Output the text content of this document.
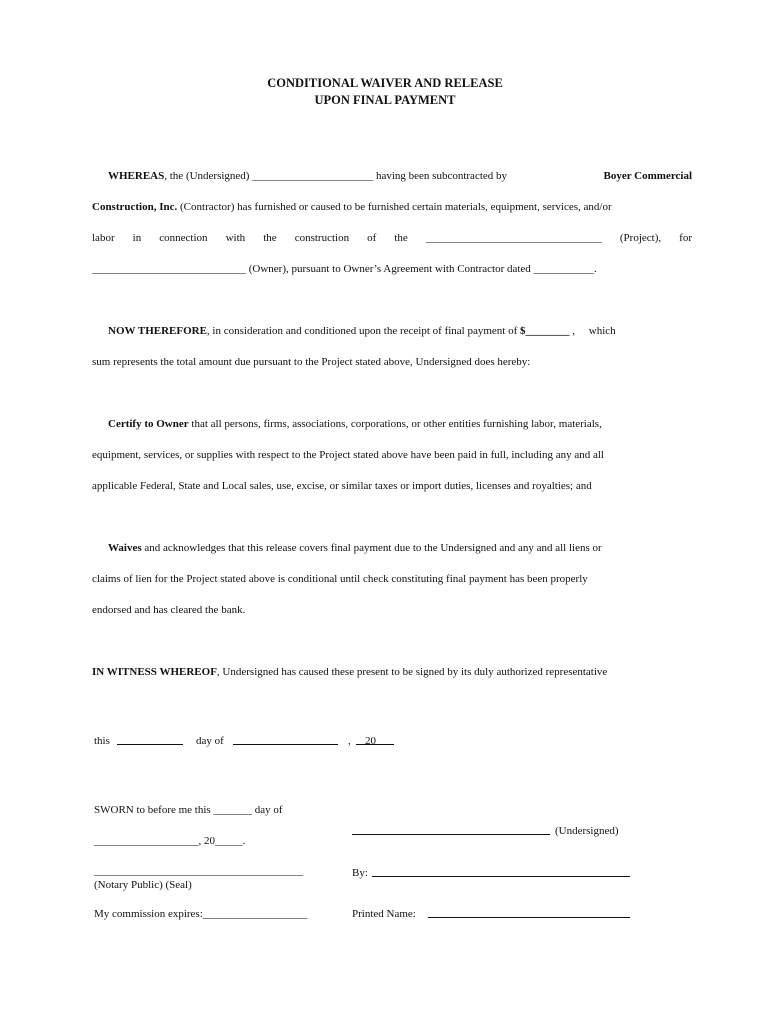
CONDITIONAL WAIVER AND RELEASE
UPON FINAL PAYMENT
WHEREAS, the (Undersigned) ______________________ having been subcontracted by	Boyer Commercial
Construction, Inc. (Contractor) has furnished or caused to be furnished certain materials, equipment, services, and/or
labor in connection with the construction of the ________________________________ (Project), for
____________________________ (Owner), pursuant to Owner’s Agreement with Contractor dated ___________.
NOW THEREFORE, in consideration and conditioned upon the receipt of final payment of $________ ,     which
sum represents the total amount due pursuant to the Project stated above, Undersigned does hereby:
Certify to Owner that all persons, firms, associations, corporations, or other entities furnishing labor, materials,
equipment, services, or supplies with respect to the Project stated above have been paid in full, including any and all
applicable Federal, State and Local sales, use, excise, or similar taxes or import duties, licenses and royalties; and
Waives and acknowledges that this release covers final payment due to the Undersigned and any and all liens or
claims of lien for the Project stated above is conditional until check constituting final payment has been properly
endorsed and has cleared the bank.
IN WITNESS WHEREOF, Undersigned has caused these present to be signed by its duly authorized representative
this	day of	, 20
SWORN to before me this _______ day of
___________________, 20_____.
______________________________________
(Notary Public) (Seal)
My commission expires:___________________
(Undersigned)
By:
Printed Name:
